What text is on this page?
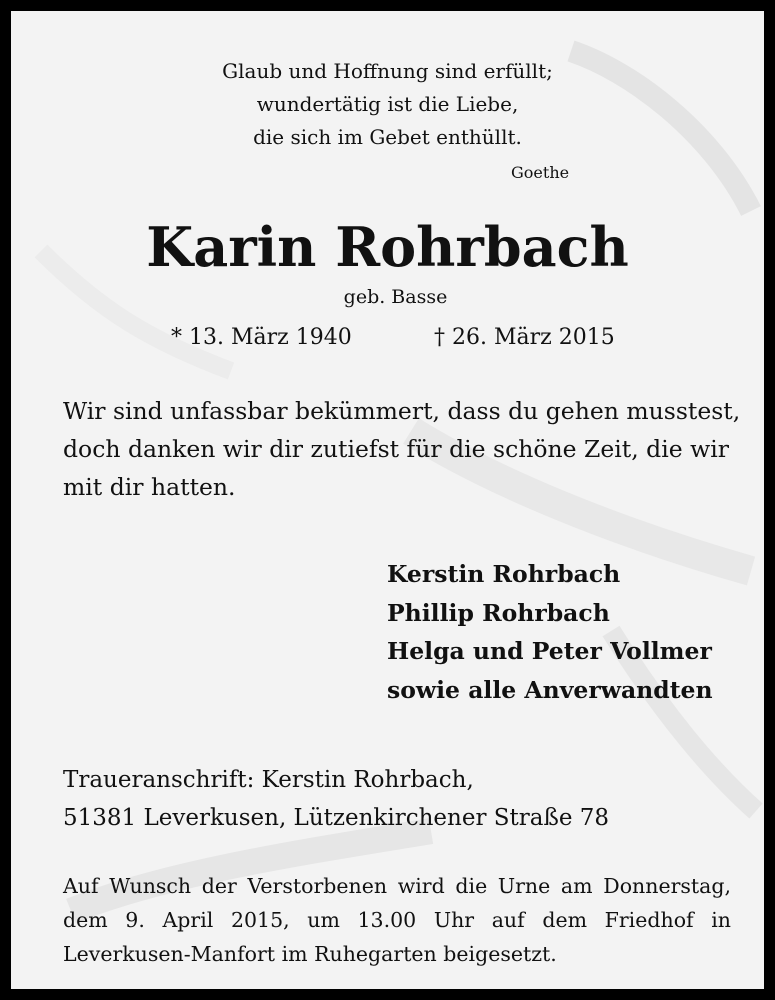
Glaub und Hoffnung sind erfüllt;
wundertätig ist die Liebe,
die sich im Gebet enthüllt.
Goethe
Karin Rohrbach
geb. Basse
* 13. März 1940	† 26. März 2015
Wir sind unfassbar bekümmert, dass du gehen musstest, doch danken wir dir zutiefst für die schöne Zeit, die wir mit dir hatten.
Kerstin Rohrbach
Phillip Rohrbach
Helga und Peter Vollmer
sowie alle Anverwandten
Traueranschrift: Kerstin Rohrbach,
51381 Leverkusen, Lützenkirchener Straße 78
Auf Wunsch der Verstorbenen wird die Urne am Donnerstag, dem 9. April 2015, um 13.00 Uhr auf dem Friedhof in Leverkusen-Manfort im Ruhegarten beigesetzt.
